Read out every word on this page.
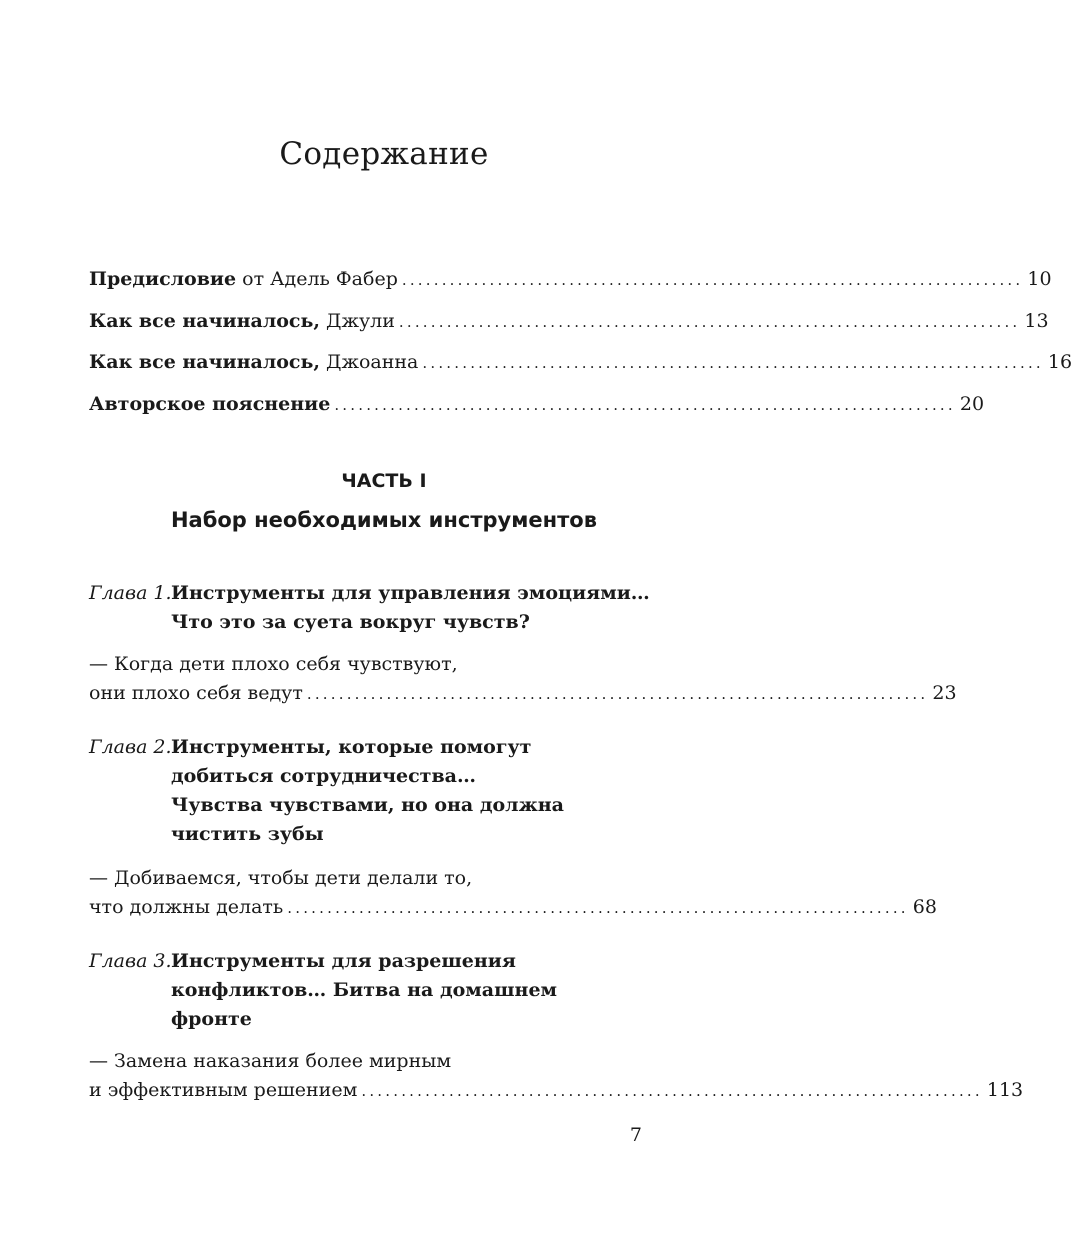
Содержание
Предисловие от Адель Фабер .............................................................................. 10
Как все начиналось, Джули .............................................................................. 13
Как все начиналось, Джоанна .............................................................................. 16
Авторское пояснение .............................................................................. 20
ЧАСТЬ I
Набор необходимых инструментов
Глава 1. Инструменты для управления эмоциями…
Что это за суета вокруг чувств?
— Когда дети плохо себя чувствуют,
они плохо себя ведут .............................................................................. 23
Глава 2. Инструменты, которые помогут
добиться сотрудничества…
Чувства чувствами, но она должна
чистить зубы
— Добиваемся, чтобы дети делали то,
что должны делать .............................................................................. 68
Глава 3. Инструменты для разрешения
конфликтов… Битва на домашнем
фронте
— Замена наказания более мирным
и эффективным решением .............................................................................. 113
7
